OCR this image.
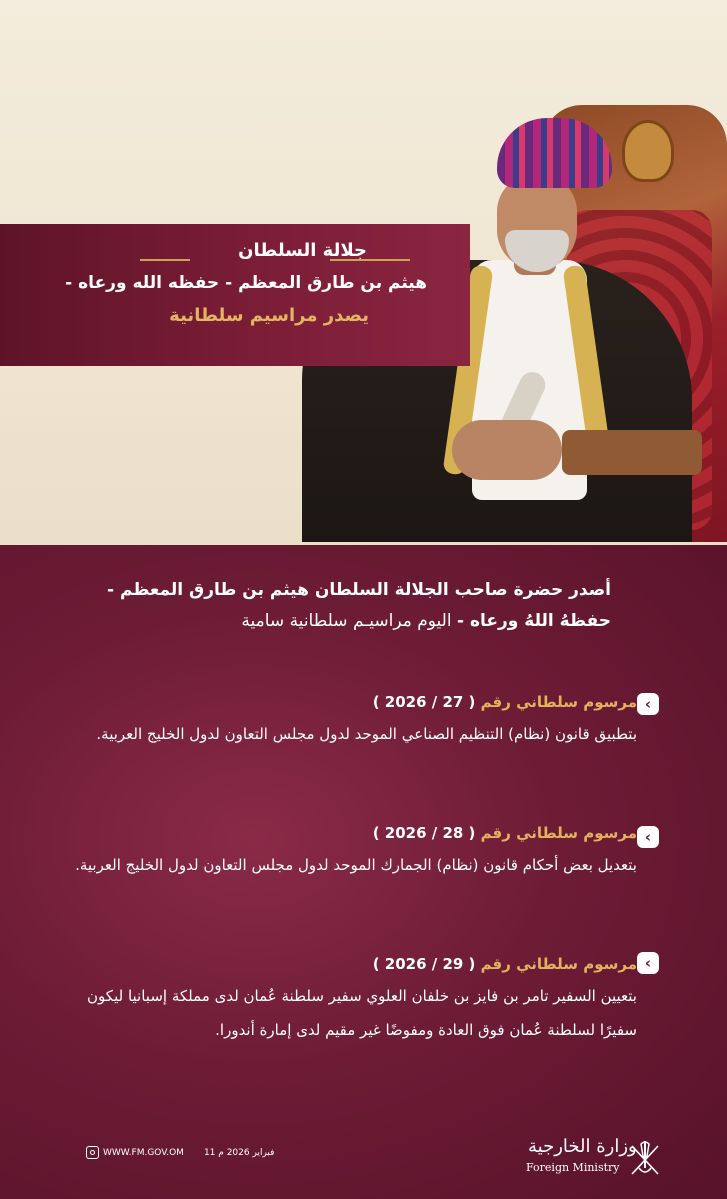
جلالة السلطان
هيثم بن طارق المعظم - حفظه الله ورعاه -
يصدر مراسيم سلطانية
أصدر حضرة صاحب الجلالة السلطان هيثم بن طارق المعظم -
حفظهُ اللهُ ورعاه - اليوم مراسيـم سلطانية سامية
‹
مرسوم سلطاني رقم ( 27 / 2026 )
بتطبيق قانون (نظام) التنظيم الصناعي الموحد لدول مجلس التعاون لدول الخليج العربية.
‹
مرسوم سلطاني رقم ( 28 / 2026 )
بتعديل بعض أحكام قانون (نظام) الجمارك الموحد لدول مجلس التعاون لدول الخليج العربية.
‹
مرسوم سلطاني رقم ( 29 / 2026 )
بتعيين السفير تامر بن فايز بن خلفان العلوي سفير سلطنة عُمان لدى مملكة إسبانيا ليكون سفيرًا لسلطنة عُمان فوق العادة ومفوضًا غير مقيم لدى إمارة أندورا.
WWW.FM.GOV.OM 11 فبراير 2026 م	وزارة الخارجية
Foreign Ministry
